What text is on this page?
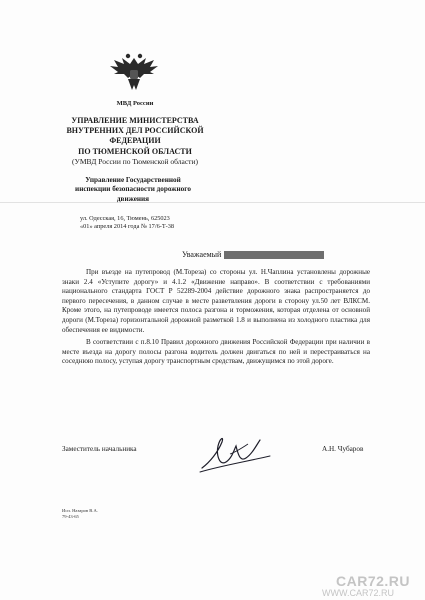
МВД России
УПРАВЛЕНИЕ МИНИСТЕРСТВА
ВНУТРЕННИХ ДЕЛ РОССИЙСКОЙ
ФЕДЕРАЦИИ
ПО ТЮМЕНСКОЙ ОБЛАСТИ
(УМВД России по Тюменской области)
Управление Государственной
инспекции безопасности дорожного
движения
ул. Одесская, 16, Тюмень, 625023
«01» апреля 2014 года № 17/6-Т-38
Уважаемый

При въезде на путепровод (М.Тореза) со стороны ул. Н.Чаплина установлены дорожные знаки 2.4 «Уступите дорогу» и 4.1.2 «Движение направо». В соответствии с требованиями национального стандарта ГОСТ Р 52289-2004 действие дорожного знака распространяется до первого пересечения, в данном случае в месте разветвления дороги в сторону ул.50 лет ВЛКСМ. Кроме этого, на путепроводе имеется полоса разгона и торможения, которая отделена от основной дороги (М.Тореза) горизонтальной дорожной разметкой 1.8 и выполнена из холодного пластика для обеспечения ее видимости.

В соответствии с п.8.10 Правил дорожного движения Российской Федерации при наличии в месте въезда на дорогу полосы разгона водитель должен двигаться по ней и перестраиваться на соседнюю полосу, уступая дорогу транспортным средствам, движущимся по этой дороге.

Заместитель начальника	А.Н. Чубаров
Исп. Назаров В.А.
79-43-65
CAR72.RU
WWW.CAR72.RU
